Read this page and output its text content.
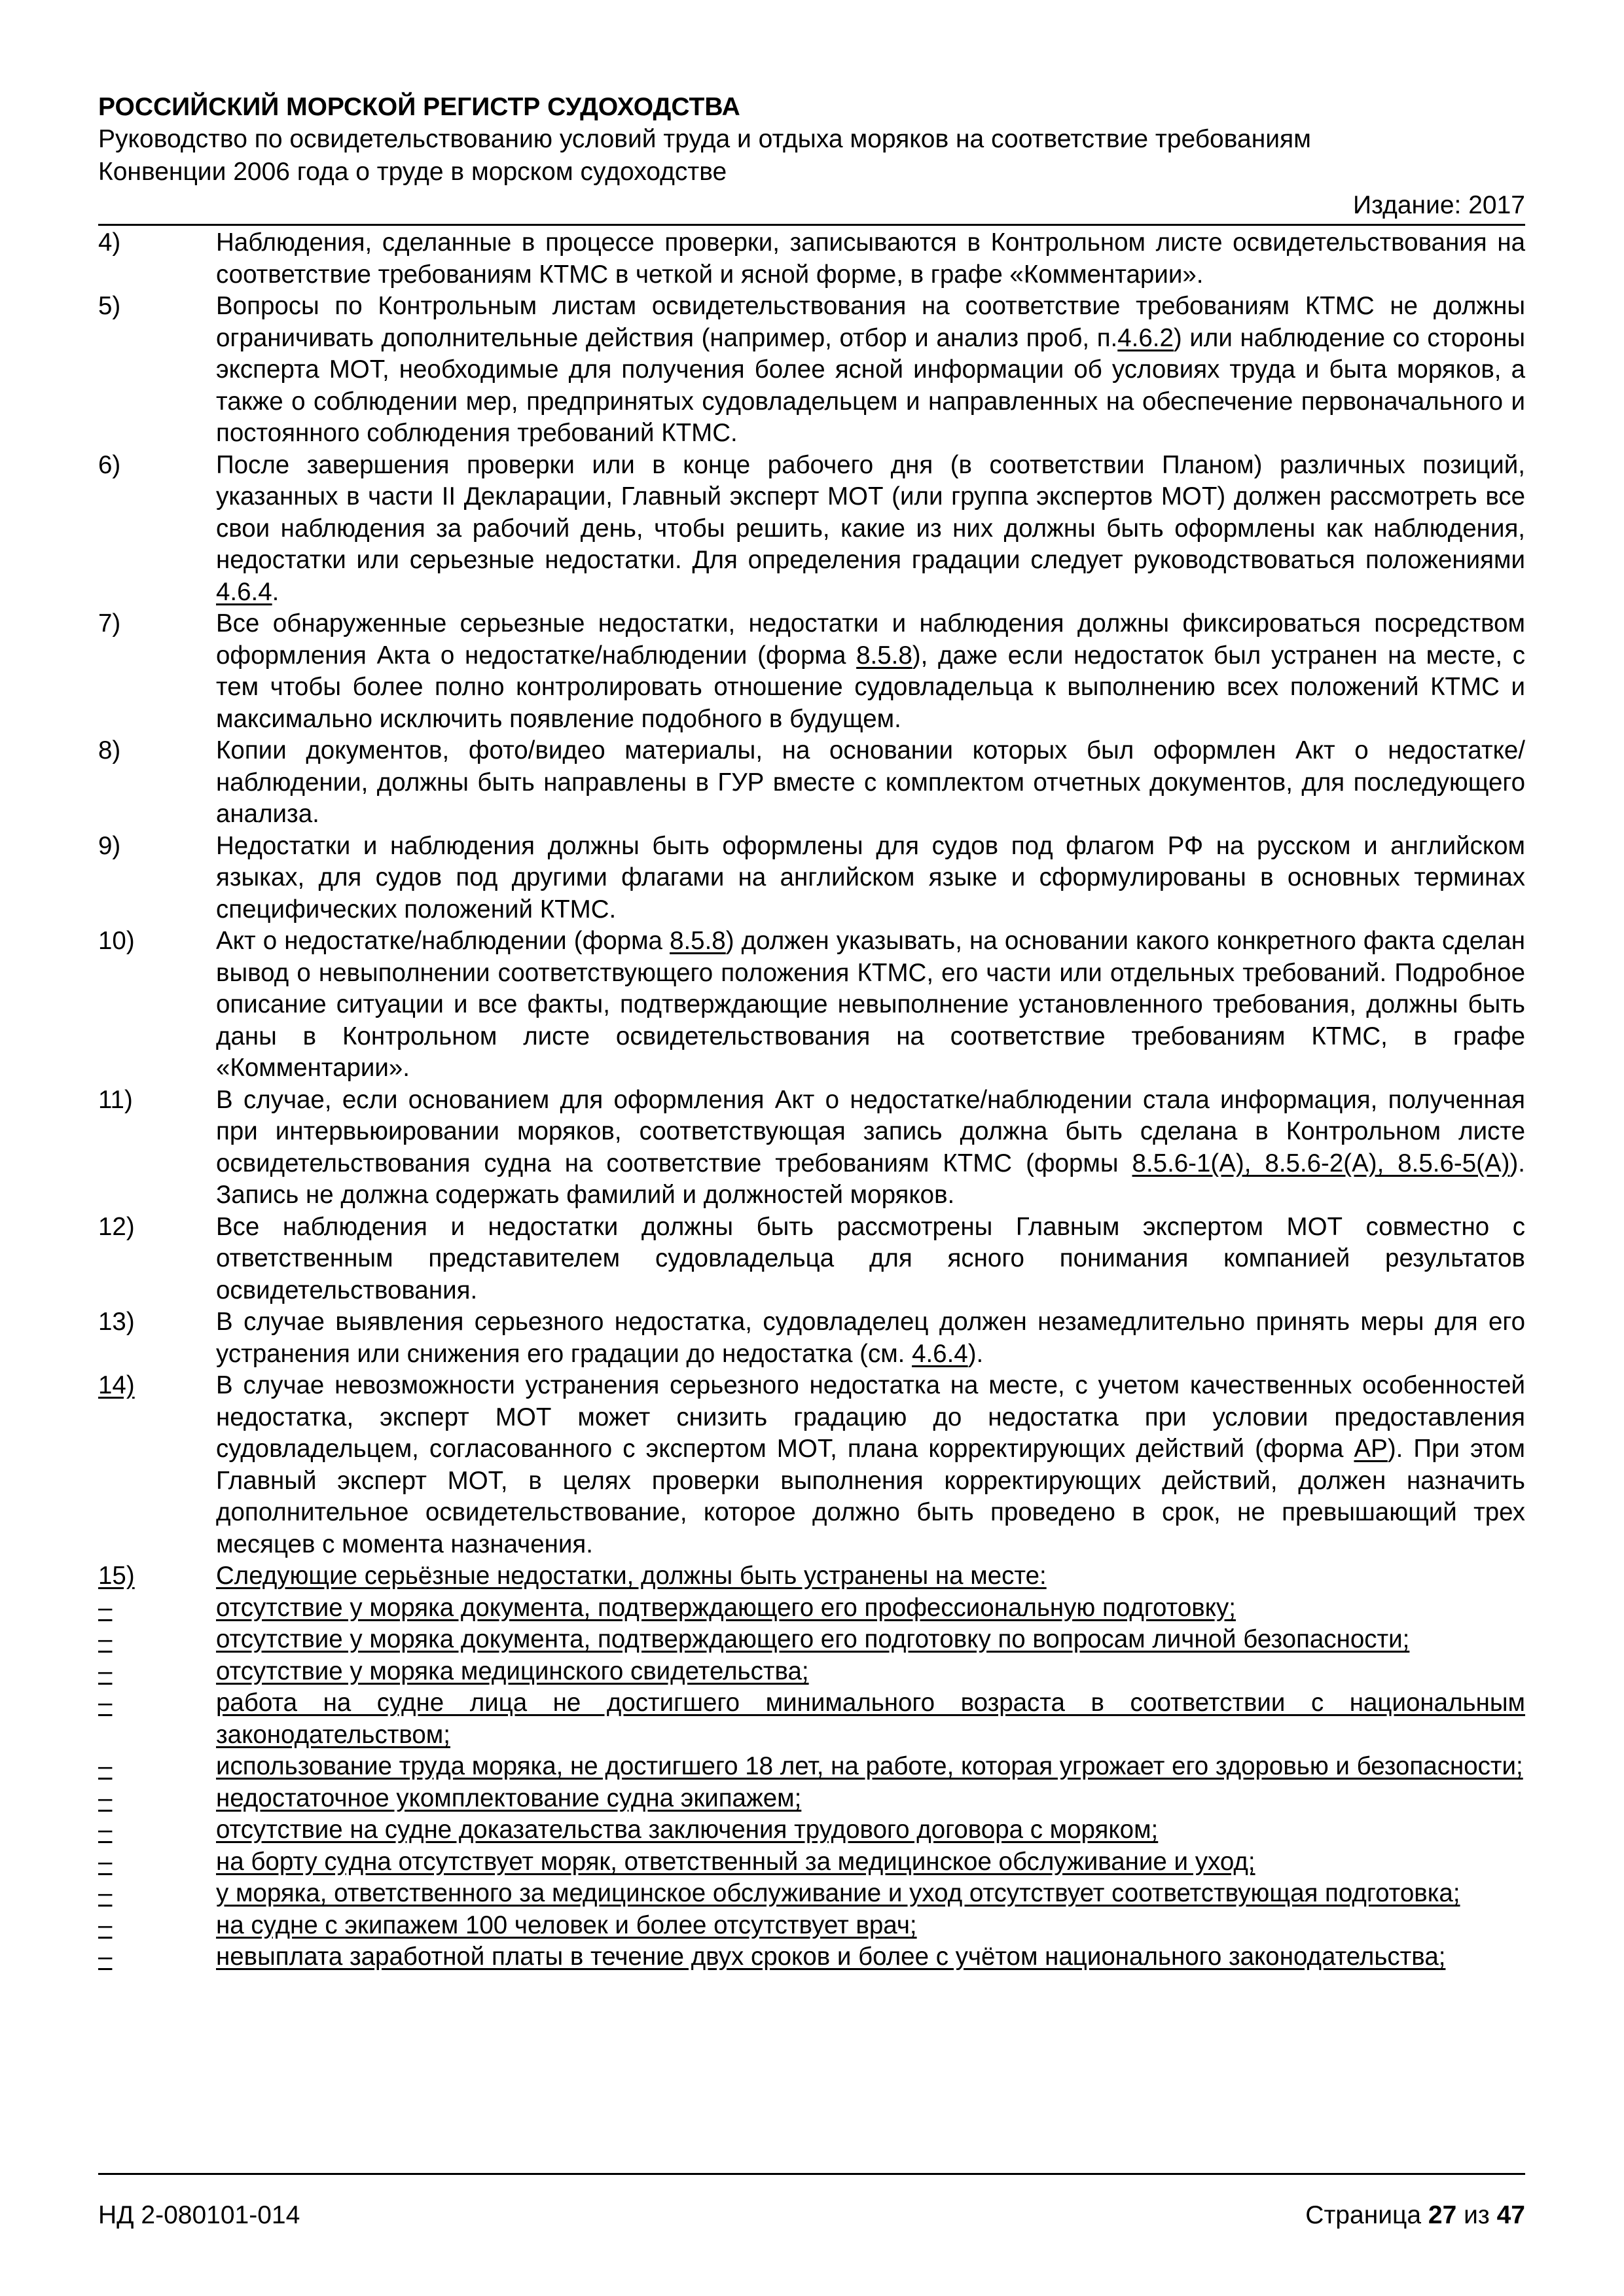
РОССИЙСКИЙ МОРСКОЙ РЕГИСТР СУДОХОДСТВА
Руководство по освидетельствованию условий труда и отдыха моряков на соответствие требованиям
Конвенции 2006 года о труде в морском судоходстве
Издание: 2017
4)	Наблюдения, сделанные в процессе проверки, записываются в Контрольном листе освидетельствования на соответствие требованиям КТМС в четкой и ясной форме, в графе «Комментарии».
5)	Вопросы по Контрольным листам освидетельствования на соответствие требованиям КТМС не должны ограничивать дополнительные действия (например, отбор и анализ проб, п.4.6.2) или наблюдение со стороны эксперта МОТ, необходимые для получения более ясной информации об условиях труда и быта моряков, а также о соблюдении мер, предпринятых судовладельцем и направленных на обеспечение первоначального и постоянного соблюдения требований КТМС.
6)	После завершения проверки или в конце рабочего дня (в соответствии Планом) различных позиций, указанных в части II Декларации, Главный эксперт МОТ (или группа экспертов МОТ) должен рассмотреть все свои наблюдения за рабочий день, чтобы решить, какие из них должны быть оформлены как наблюдения, недостатки или серьезные недостатки. Для определения градации следует руководствоваться положениями 4.6.4.
7)	Все обнаруженные серьезные недостатки, недостатки и наблюдения должны фиксироваться посредством оформления Акта о недостатке/наблюдении (форма 8.5.8), даже если недостаток был устранен на месте, с тем чтобы более полно контролировать отношение судовладельца к выполнению всех положений КТМС и максимально исключить появление подобного в будущем.
8)	Копии документов, фото/видео материалы, на основании которых был оформлен Акт о недостатке/наблюдении, должны быть направлены в ГУР вместе с комплектом отчетных документов, для последующего анализа.
9)	Недостатки и наблюдения должны быть оформлены для судов под флагом РФ на русском и английском языках, для судов под другими флагами на английском языке и сформулированы в основных терминах специфических положений КТМС.
10)	Акт о недостатке/наблюдении (форма 8.5.8) должен указывать, на основании какого конкретного факта сделан вывод о невыполнении соответствующего положения КТМС, его части или отдельных требований. Подробное описание ситуации и все факты, подтверждающие невыполнение установленного требования, должны быть даны в Контрольном листе освидетельствования на соответствие требованиям КТМС, в графе «Комментарии».
11)	В случае, если основанием для оформления Акт о недостатке/наблюдении стала информация, полученная при интервьюировании моряков, соответствующая запись должна быть сделана в Контрольном листе освидетельствования судна на соответствие требованиям КТМС (формы 8.5.6-1(А), 8.5.6-2(А), 8.5.6-5(А)). Запись не должна содержать фамилий и должностей моряков.
12)	Все наблюдения и недостатки должны быть рассмотрены Главным экспертом МОТ совместно с ответственным представителем судовладельца для ясного понимания компанией результатов освидетельствования.
13)	В случае выявления серьезного недостатка, судовладелец должен незамедлительно принять меры для его устранения или снижения его градации до недостатка (см. 4.6.4).
14)	В случае невозможности устранения серьезного недостатка на месте, с учетом качественных особенностей недостатка, эксперт МОТ может снизить градацию до недостатка при условии предоставления судовладельцем, согласованного с экспертом МОТ, плана корректирующих действий (форма АР). При этом Главный эксперт МОТ, в целях проверки выполнения корректирующих действий, должен назначить дополнительное освидетельствование, которое должно быть проведено в срок, не превышающий трех месяцев с момента назначения.
15)	Следующие серьёзные недостатки, должны быть устранены на месте:
–	отсутствие у моряка документа, подтверждающего его профессиональную подготовку;
–	отсутствие у моряка документа, подтверждающего его подготовку по вопросам личной безопасности;
–	отсутствие у моряка медицинского свидетельства;
–	работа на судне лица не достигшего минимального возраста в соответствии с национальным законодательством;
–	использование труда моряка, не достигшего 18 лет, на работе, которая угрожает его здоровью и безопасности;
–	недостаточное укомплектование судна экипажем;
–	отсутствие на судне доказательства заключения трудового договора с моряком;
–	на борту судна отсутствует моряк, ответственный за медицинское обслуживание и уход;
–	у моряка, ответственного за медицинское обслуживание и уход отсутствует соответствующая подготовка;
–	на судне с экипажем 100 человек и более отсутствует врач;
–	невыплата заработной платы в течение двух сроков и более с учётом национального законодательства;
НД 2-080101-014	Страница 27 из 47
